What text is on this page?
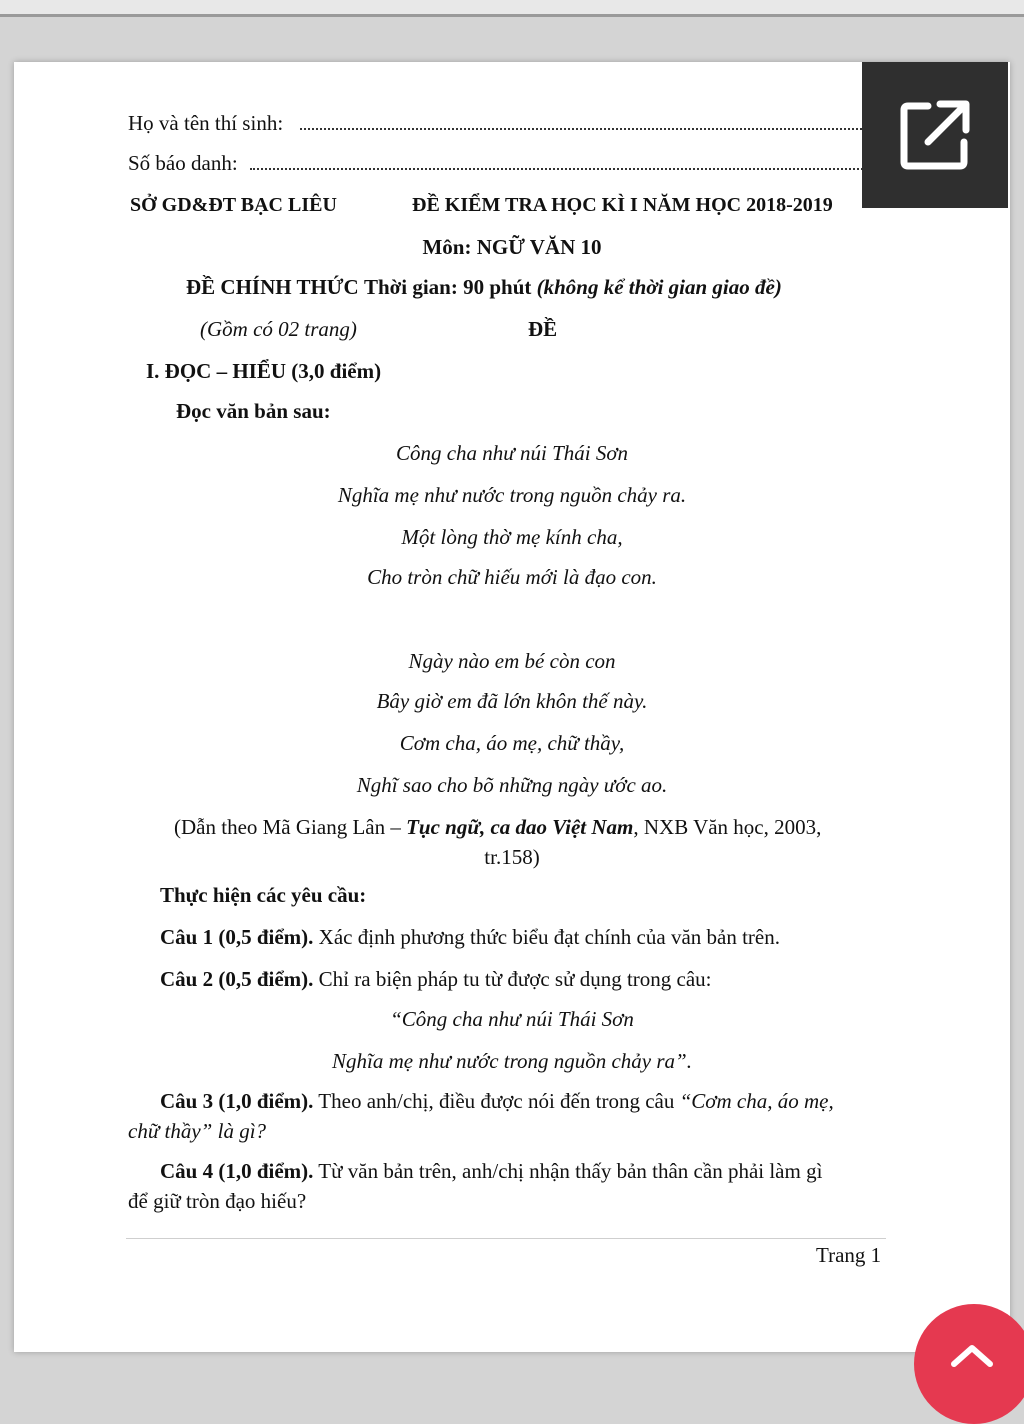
Họ và tên thí sinh:
Số báo danh:
SỞ GD&ĐT BẠC LIÊU	ĐỀ KIỂM TRA HỌC KÌ I NĂM HỌC 2018-2019
Môn: NGỮ VĂN 10
ĐỀ CHÍNH THỨC Thời gian: 90 phút (không kể thời gian giao đề)
(Gồm có 02 trang)	ĐỀ
I. ĐỌC – HIỂU (3,0 điểm)
Đọc văn bản sau:
Công cha như núi Thái Sơn
Nghĩa mẹ như nước trong nguồn chảy ra.
Một lòng thờ mẹ kính cha,
Cho tròn chữ hiếu mới là đạo con.
Ngày nào em bé còn con
Bây giờ em đã lớn khôn thế này.
Cơm cha, áo mẹ, chữ thầy,
Nghĩ sao cho bõ những ngày ước ao.
(Dẫn theo Mã Giang Lân – Tục ngữ, ca dao Việt Nam, NXB Văn học, 2003,
tr.158)
Thực hiện các yêu cầu:
Câu 1 (0,5 điểm). Xác định phương thức biểu đạt chính của văn bản trên.
Câu 2 (0,5 điểm). Chỉ ra biện pháp tu từ được sử dụng trong câu:
“Công cha như núi Thái Sơn
Nghĩa mẹ như nước trong nguồn chảy ra”.
Câu 3 (1,0 điểm). Theo anh/chị, điều được nói đến trong câu “Cơm cha, áo mẹ,
chữ thầy” là gì?
Câu 4 (1,0 điểm). Từ văn bản trên, anh/chị nhận thấy bản thân cần phải làm gì
để giữ tròn đạo hiếu?
Trang 1
